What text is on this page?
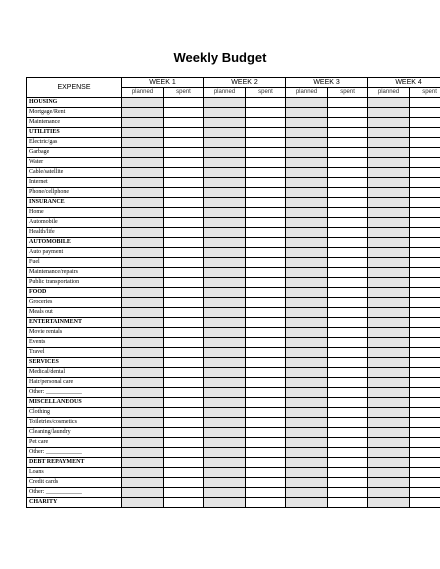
Weekly Budget
EXPENSE	WEEK 1		WEEK 2		WEEK 3		WEEK 4	
	planned	spent	planned	spent	planned	spent	planned	spent
HOUSING								
Mortgage/Rent								
Maintenance								
UTILITIES								
Electric/gas								
Garbage								
Water								
Cable/satellite								
Internet								
Phone/cellphone								
INSURANCE								
Home								
Automobile								
Health/life								
AUTOMOBILE								
Auto payment								
Fuel								
Maintenance/repairs								
Public transportation								
FOOD								
Groceries								
Meals out								
ENTERTAINMENT								
Movie rentals								
Events								
Travel								
SERVICES								
Medical/dental								
Hair/personal care								
Other: ____________								
MISCELLANEOUS								
Clothing								
Toiletries/cosmetics								
Cleaning/laundry								
Pet care								
Other: ____________								
DEBT REPAYMENT								
Loans								
Credit cards								
Other: ____________								
CHARITY								
